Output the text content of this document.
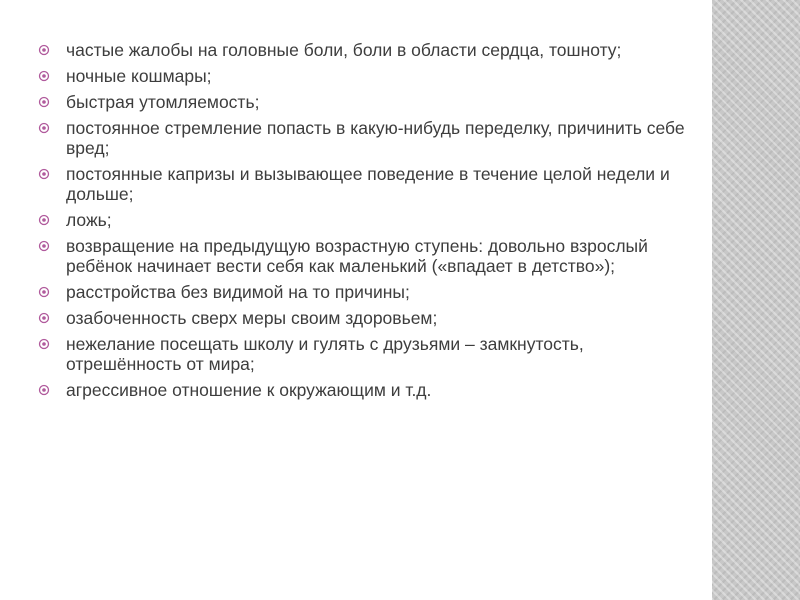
частые жалобы на головные боли, боли в области сердца, тошноту;
ночные кошмары;
быстрая утомляемость;
постоянное стремление попасть в какую-нибудь переделку, причинить себе вред;
постоянные капризы и вызывающее поведение в течение целой недели и дольше;
ложь;
возвращение на предыдущую возрастную ступень: довольно взрослый ребёнок начинает вести себя как маленький («впадает в детство»);
расстройства без видимой на то причины;
озабоченность сверх меры своим здоровьем;
нежелание посещать школу и гулять с друзьями – замкнутость, отрешённость от мира;
агрессивное отношение к окружающим и т.д.
